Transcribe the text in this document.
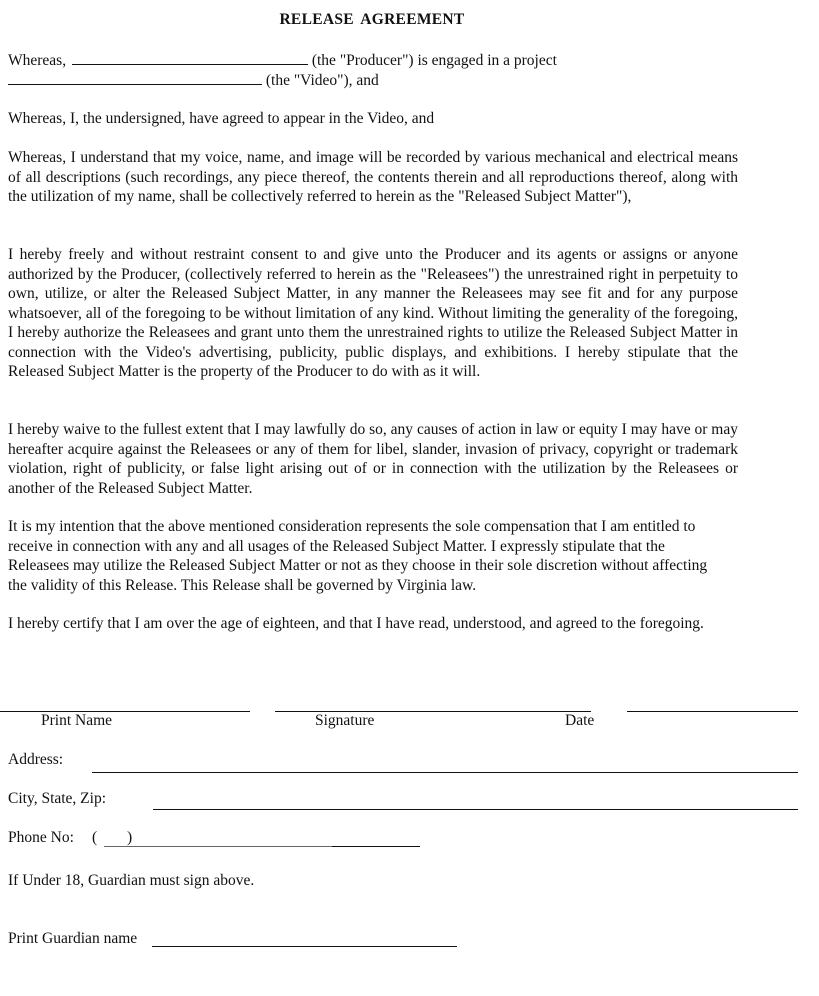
RELEASE AGREEMENT
Whereas,	(the "Producer") is engaged in a project
(the "Video"), and
Whereas, I, the undersigned, have agreed to appear in the Video, and
Whereas, I understand that my voice, name, and image will be recorded by various mechanical and electrical means of all descriptions (such recordings, any piece thereof, the contents therein and all reproductions thereof, along with the utilization of my name, shall be collectively referred to herein as the "Released Subject Matter"),
I hereby freely and without restraint consent to and give unto the Producer and its agents or assigns or anyone authorized by the Producer, (collectively referred to herein as the "Releasees") the unrestrained right in perpetuity to own, utilize, or alter the Released Subject Matter, in any manner the Releasees may see fit and for any purpose whatsoever, all of the foregoing to be without limitation of any kind. Without limiting the generality of the foregoing, I hereby authorize the Releasees and grant unto them the unrestrained rights to utilize the Released Subject Matter in connection with the Video's advertising, publicity, public displays, and exhibitions. I hereby stipulate that the Released Subject Matter is the property of the Producer to do with as it will.
I hereby waive to the fullest extent that I may lawfully do so, any causes of action in law or equity I may have or may hereafter acquire against the Releasees or any of them for libel, slander, invasion of privacy, copyright or trademark violation, right of publicity, or false light arising out of or in connection with the utilization by the Releasees or another of the Released Subject Matter.
It is my intention that the above mentioned consideration represents the sole compensation that I am entitled to receive in connection with any and all usages of the Released Subject Matter. I expressly stipulate that the Releasees may utilize the Released Subject Matter or not as they choose in their sole discretion without affecting the validity of this Release. This Release shall be governed by Virginia law.
I hereby certify that I am over the age of eighteen, and that I have read, understood, and agreed to the foregoing.
Print Name	Signature	Date
Address:
City, State, Zip:
Phone No: ( )
If Under 18, Guardian must sign above.
Print Guardian name
